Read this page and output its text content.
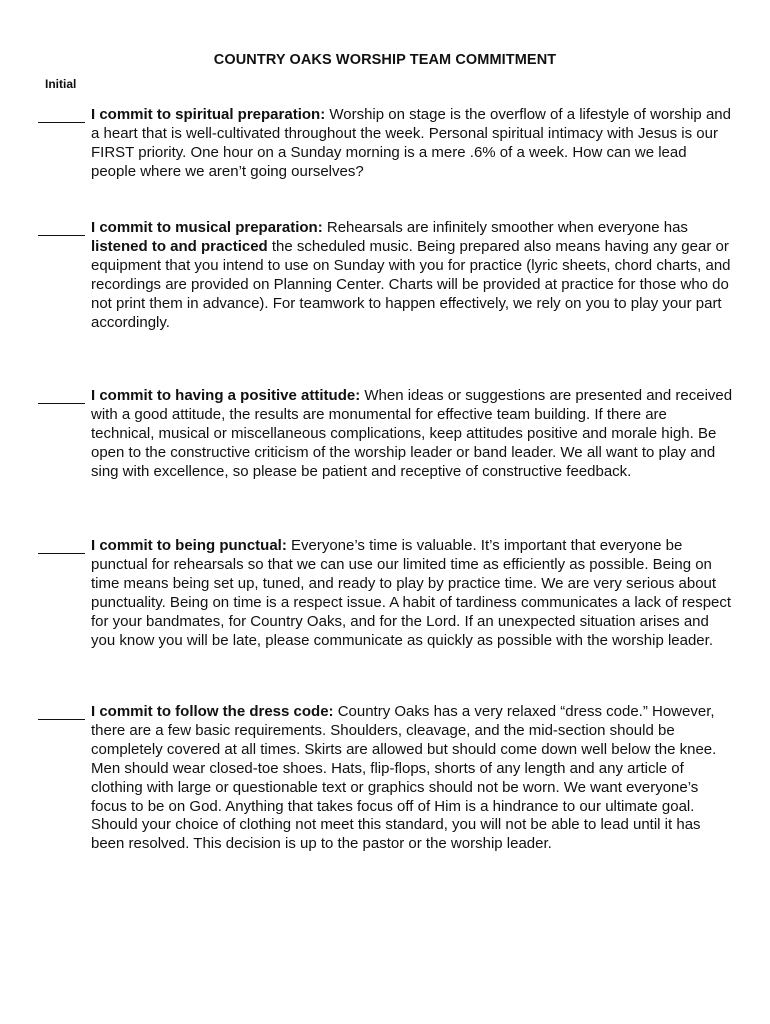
COUNTRY OAKS WORSHIP TEAM COMMITMENT
Initial
I commit to spiritual preparation: Worship on stage is the overflow of a lifestyle of worship and a heart that is well-cultivated throughout the week. Personal spiritual intimacy with Jesus is our FIRST priority. One hour on a Sunday morning is a mere .6% of a week. How can we lead people where we aren’t going ourselves?
I commit to musical preparation: Rehearsals are infinitely smoother when everyone has listened to and practiced the scheduled music. Being prepared also means having any gear or equipment that you intend to use on Sunday with you for practice (lyric sheets, chord charts, and recordings are provided on Planning Center. Charts will be provided at practice for those who do not print them in advance). For teamwork to happen effectively, we rely on you to play your part accordingly.
I commit to having a positive attitude: When ideas or suggestions are presented and received with a good attitude, the results are monumental for effective team building. If there are technical, musical or miscellaneous complications, keep attitudes positive and morale high. Be open to the constructive criticism of the worship leader or band leader. We all want to play and sing with excellence, so please be patient and receptive of constructive feedback.
I commit to being punctual: Everyone’s time is valuable. It’s important that everyone be punctual for rehearsals so that we can use our limited time as efficiently as possible. Being on time means being set up, tuned, and ready to play by practice time. We are very serious about punctuality. Being on time is a respect issue. A habit of tardiness communicates a lack of respect for your bandmates, for Country Oaks, and for the Lord. If an unexpected situation arises and you know you will be late, please communicate as quickly as possible with the worship leader.
I commit to follow the dress code: Country Oaks has a very relaxed “dress code.” However, there are a few basic requirements. Shoulders, cleavage, and the mid-section should be completely covered at all times. Skirts are allowed but should come down well below the knee. Men should wear closed-toe shoes. Hats, flip-flops, shorts of any length and any article of clothing with large or questionable text or graphics should not be worn. We want everyone’s focus to be on God. Anything that takes focus off of Him is a hindrance to our ultimate goal. Should your choice of clothing not meet this standard, you will not be able to lead until it has been resolved. This decision is up to the pastor or the worship leader.
